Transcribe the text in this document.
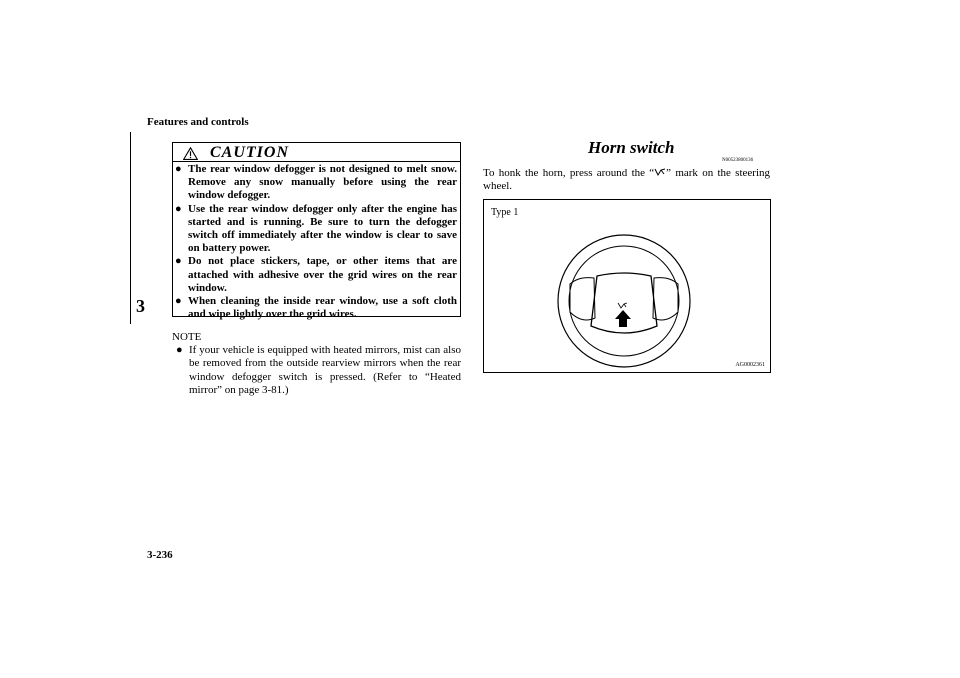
Features and controls
3
3-236
CAUTION
● The rear window defogger is not designed to melt snow. Remove any snow manually before using the rear window defogger.
● Use the rear window defogger only after the engine has started and is running. Be sure to turn the defogger switch off immediately after the window is clear to save on battery power.
● Do not place stickers, tape, or other items that are attached with adhesive over the grid wires on the rear window.
● When cleaning the inside rear window, use a soft cloth and wipe lightly over the grid wires.
NOTE
● If your vehicle is equipped with heated mirrors, mist can also be removed from the outside rearview mirrors when the rear window defogger switch is pressed. (Refer to “Heated mirror” on page 3-81.)
Horn switch
N00523800136
To honk the horn, press around the “ ” mark on the steering wheel.
Type 1
AG0002361
